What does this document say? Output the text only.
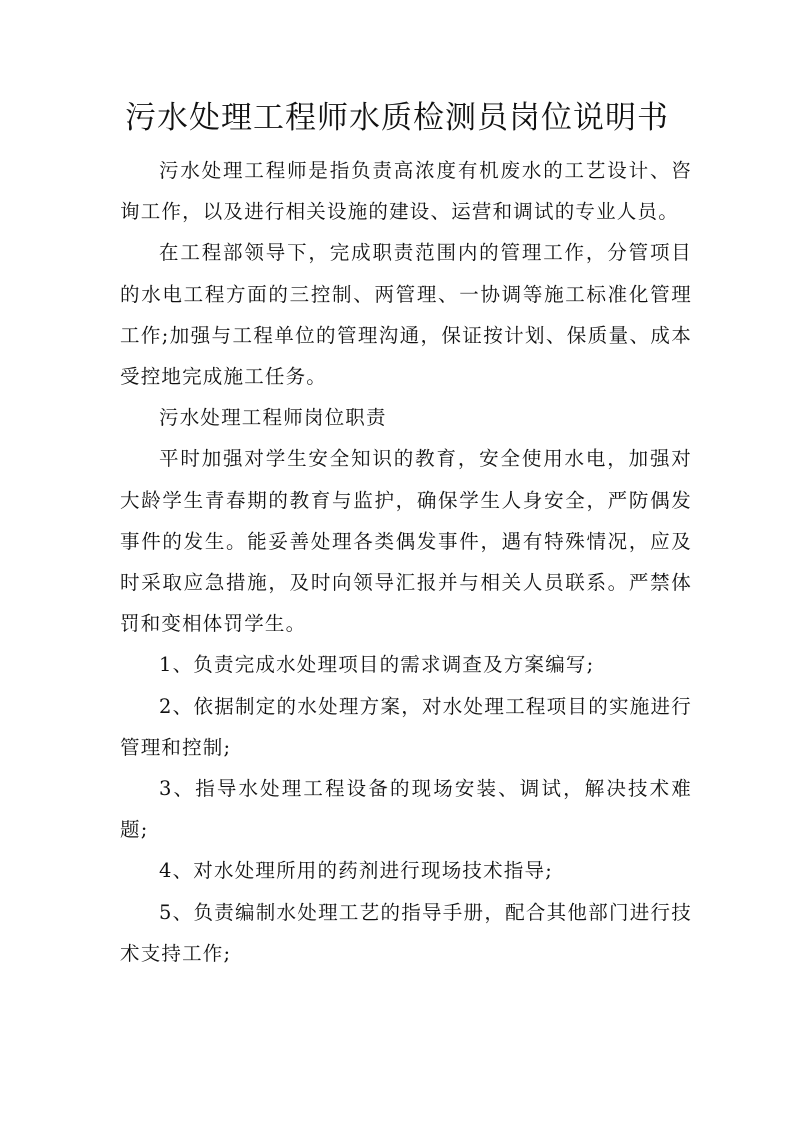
污水处理工程师水质检测员岗位说明书

污水处理工程师是指负责高浓度有机废水的工艺设计、咨询工作，以及进行相关设施的建设、运营和调试的专业人员。

在工程部领导下，完成职责范围内的管理工作，分管项目的水电工程方面的三控制、两管理、一协调等施工标准化管理工作;加强与工程单位的管理沟通，保证按计划、保质量、成本受控地完成施工任务。

污水处理工程师岗位职责

平时加强对学生安全知识的教育，安全使用水电，加强对大龄学生青春期的教育与监护，确保学生人身安全，严防偶发事件的发生。能妥善处理各类偶发事件，遇有特殊情况，应及时采取应急措施，及时向领导汇报并与相关人员联系。严禁体罚和变相体罚学生。

1、负责完成水处理项目的需求调查及方案编写;

2、依据制定的水处理方案，对水处理工程项目的实施进行管理和控制;

3、指导水处理工程设备的现场安装、调试，解决技术难题;

4、对水处理所用的药剂进行现场技术指导;

5、负责编制水处理工艺的指导手册，配合其他部门进行技术支持工作;
